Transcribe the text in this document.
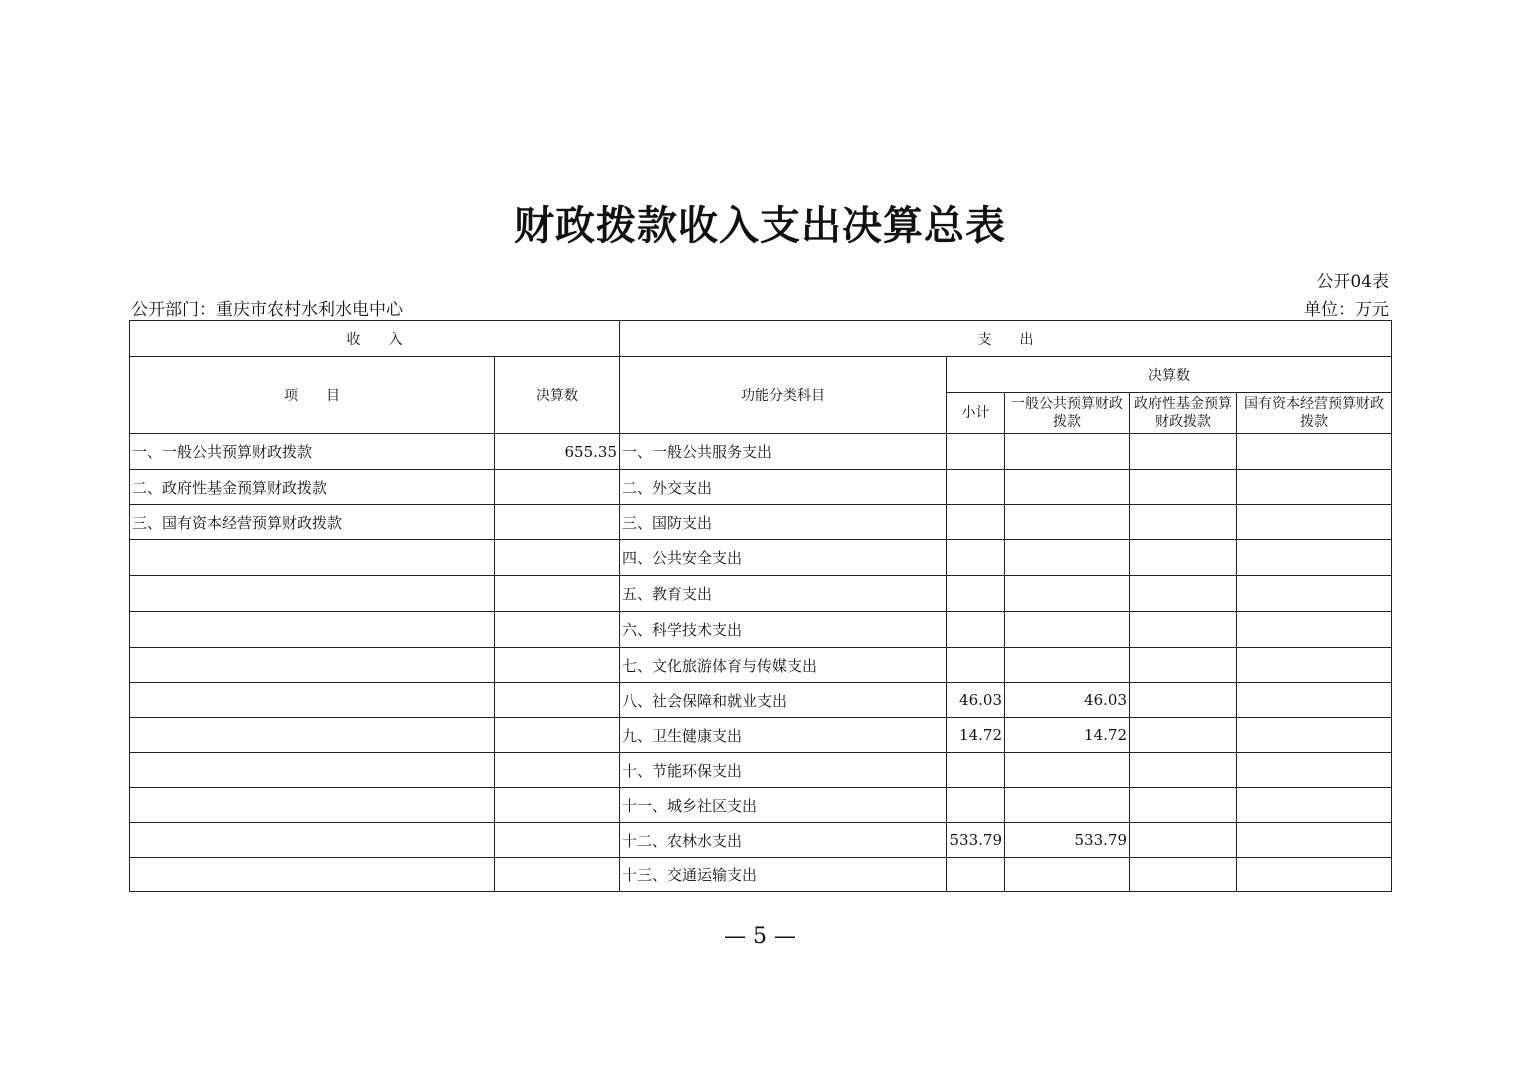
财政拨款收入支出决算总表
公开04表
公开部门：重庆市农村水利水电中心	单位：万元
收　　入		支　　出				
项　　目	决算数	功能分类科目	决算数			
			小计	一般公共预算财政拨款	政府性基金预算财政拨款	国有资本经营预算财政拨款
一、一般公共预算财政拨款	655.35	一、一般公共服务支出				
二、政府性基金预算财政拨款		二、外交支出				
三、国有资本经营预算财政拨款		三、国防支出				
		四、公共安全支出				
		五、教育支出				
		六、科学技术支出				
		七、文化旅游体育与传媒支出				
		八、社会保障和就业支出	46.03	46.03		
		九、卫生健康支出	14.72	14.72		
		十、节能环保支出				
		十一、城乡社区支出				
		十二、农林水支出	533.79	533.79		
		十三、交通运输支出				
— 5 —
